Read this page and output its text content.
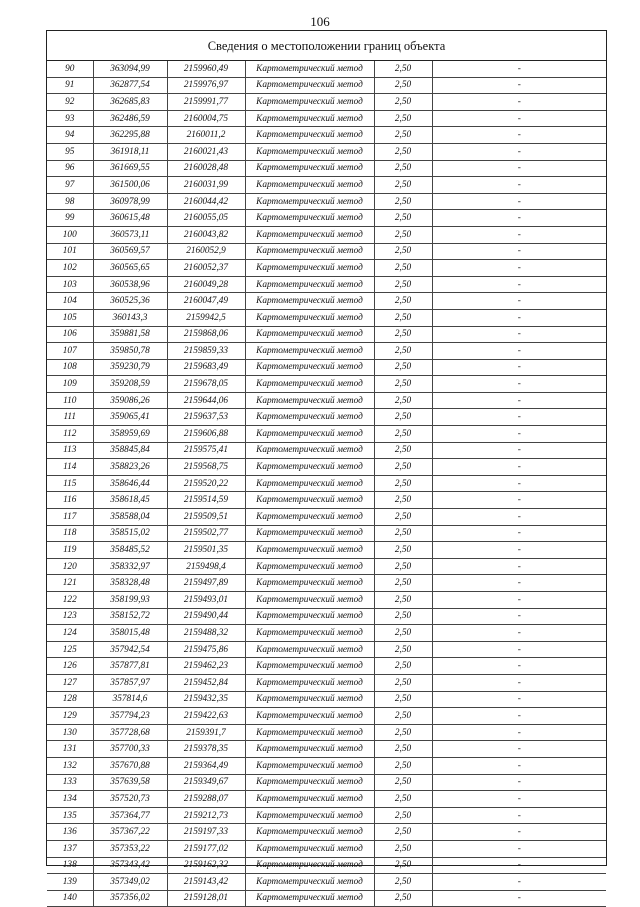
106
Сведения о местоположении границ объекта
90	363094,99	2159960,49	Картометрический метод	2,50	-
91	362877,54	2159976,97	Картометрический метод	2,50	-
92	362685,83	2159991,77	Картометрический метод	2,50	-
93	362486,59	2160004,75	Картометрический метод	2,50	-
94	362295,88	2160011,2	Картометрический метод	2,50	-
95	361918,11	2160021,43	Картометрический метод	2,50	-
96	361669,55	2160028,48	Картометрический метод	2,50	-
97	361500,06	2160031,99	Картометрический метод	2,50	-
98	360978,99	2160044,42	Картометрический метод	2,50	-
99	360615,48	2160055,05	Картометрический метод	2,50	-
100	360573,11	2160043,82	Картометрический метод	2,50	-
101	360569,57	2160052,9	Картометрический метод	2,50	-
102	360565,65	2160052,37	Картометрический метод	2,50	-
103	360538,96	2160049,28	Картометрический метод	2,50	-
104	360525,36	2160047,49	Картометрический метод	2,50	-
105	360143,3	2159942,5	Картометрический метод	2,50	-
106	359881,58	2159868,06	Картометрический метод	2,50	-
107	359850,78	2159859,33	Картометрический метод	2,50	-
108	359230,79	2159683,49	Картометрический метод	2,50	-
109	359208,59	2159678,05	Картометрический метод	2,50	-
110	359086,26	2159644,06	Картометрический метод	2,50	-
111	359065,41	2159637,53	Картометрический метод	2,50	-
112	358959,69	2159606,88	Картометрический метод	2,50	-
113	358845,84	2159575,41	Картометрический метод	2,50	-
114	358823,26	2159568,75	Картометрический метод	2,50	-
115	358646,44	2159520,22	Картометрический метод	2,50	-
116	358618,45	2159514,59	Картометрический метод	2,50	-
117	358588,04	2159509,51	Картометрический метод	2,50	-
118	358515,02	2159502,77	Картометрический метод	2,50	-
119	358485,52	2159501,35	Картометрический метод	2,50	-
120	358332,97	2159498,4	Картометрический метод	2,50	-
121	358328,48	2159497,89	Картометрический метод	2,50	-
122	358199,93	2159493,01	Картометрический метод	2,50	-
123	358152,72	2159490,44	Картометрический метод	2,50	-
124	358015,48	2159488,32	Картометрический метод	2,50	-
125	357942,54	2159475,86	Картометрический метод	2,50	-
126	357877,81	2159462,23	Картометрический метод	2,50	-
127	357857,97	2159452,84	Картометрический метод	2,50	-
128	357814,6	2159432,35	Картометрический метод	2,50	-
129	357794,23	2159422,63	Картометрический метод	2,50	-
130	357728,68	2159391,7	Картометрический метод	2,50	-
131	357700,33	2159378,35	Картометрический метод	2,50	-
132	357670,88	2159364,49	Картометрический метод	2,50	-
133	357639,58	2159349,67	Картометрический метод	2,50	-
134	357520,73	2159288,07	Картометрический метод	2,50	-
135	357364,77	2159212,73	Картометрический метод	2,50	-
136	357367,22	2159197,33	Картометрический метод	2,50	-
137	357353,22	2159177,02	Картометрический метод	2,50	-
138	357343,42	2159162,32	Картометрический метод	2,50	-
139	357349,02	2159143,42	Картометрический метод	2,50	-
140	357356,02	2159128,01	Картометрический метод	2,50	-
